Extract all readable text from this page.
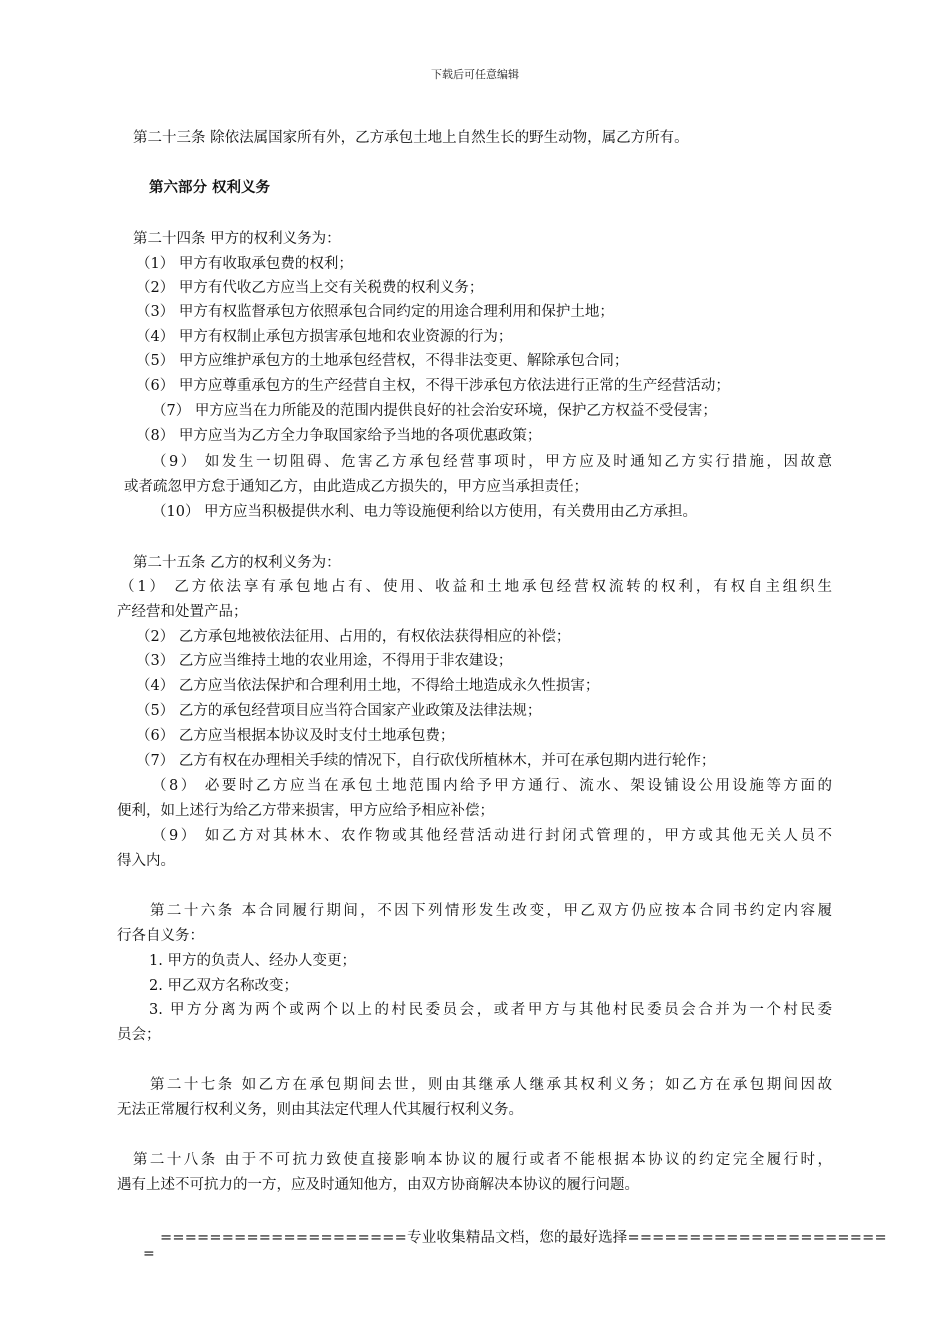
下载后可任意编辑
第二十三条 除依法属国家所有外，乙方承包土地上自然生长的野生动物，属乙方所有。
第六部分 权利义务
第二十四条 甲方的权利义务为：
（1） 甲方有收取承包费的权利；
（2） 甲方有代收乙方应当上交有关税费的权利义务；
（3） 甲方有权监督承包方依照承包合同约定的用途合理利用和保护土地；
（4） 甲方有权制止承包方损害承包地和农业资源的行为；
（5） 甲方应维护承包方的土地承包经营权，不得非法变更、解除承包合同；
（6） 甲方应尊重承包方的生产经营自主权，不得干涉承包方依法进行正常的生产经营活动；
（7） 甲方应当在力所能及的范围内提供良好的社会治安环境，保护乙方权益不受侵害；
（8） 甲方应当为乙方全力争取国家给予当地的各项优惠政策；
（9） 如发生一切阻碍、危害乙方承包经营事项时，甲方应及时通知乙方实行措施，因故意
或者疏忽甲方怠于通知乙方，由此造成乙方损失的，甲方应当承担责任；
（10） 甲方应当积极提供水利、电力等设施便利给以方使用，有关费用由乙方承担。
第二十五条 乙方的权利义务为：
（1） 乙方依法享有承包地占有、使用、收益和土地承包经营权流转的权利，有权自主组织生
产经营和处置产品；
（2） 乙方承包地被依法征用、占用的，有权依法获得相应的补偿；
（3） 乙方应当维持土地的农业用途，不得用于非农建设；
（4） 乙方应当依法保护和合理利用土地，不得给土地造成永久性损害；
（5） 乙方的承包经营项目应当符合国家产业政策及法律法规；
（6） 乙方应当根据本协议及时支付土地承包费；
（7） 乙方有权在办理相关手续的情况下，自行砍伐所植林木，并可在承包期内进行轮作；
（8） 必要时乙方应当在承包土地范围内给予甲方通行、流水、架设铺设公用设施等方面的
便利，如上述行为给乙方带来损害，甲方应给予相应补偿；
（9） 如乙方对其林木、农作物或其他经营活动进行封闭式管理的，甲方或其他无关人员不
得入内。
第二十六条 本合同履行期间，不因下列情形发生改变，甲乙双方仍应按本合同书约定内容履
行各自义务：
1. 甲方的负责人、经办人变更；
2. 甲乙双方名称改变；
3. 甲方分离为两个或两个以上的村民委员会，或者甲方与其他村民委员会合并为一个村民委
员会；
第二十七条 如乙方在承包期间去世，则由其继承人继承其权利义务；如乙方在承包期间因故
无法正常履行权利义务，则由其法定代理人代其履行权利义务。
第二十八条 由于不可抗力致使直接影响本协议的履行或者不能根据本协议的约定完全履行时，
遇有上述不可抗力的一方，应及时通知他方，由双方协商解决本协议的履行问题。
====================专业收集精品文档，您的最好选择=====================
=
